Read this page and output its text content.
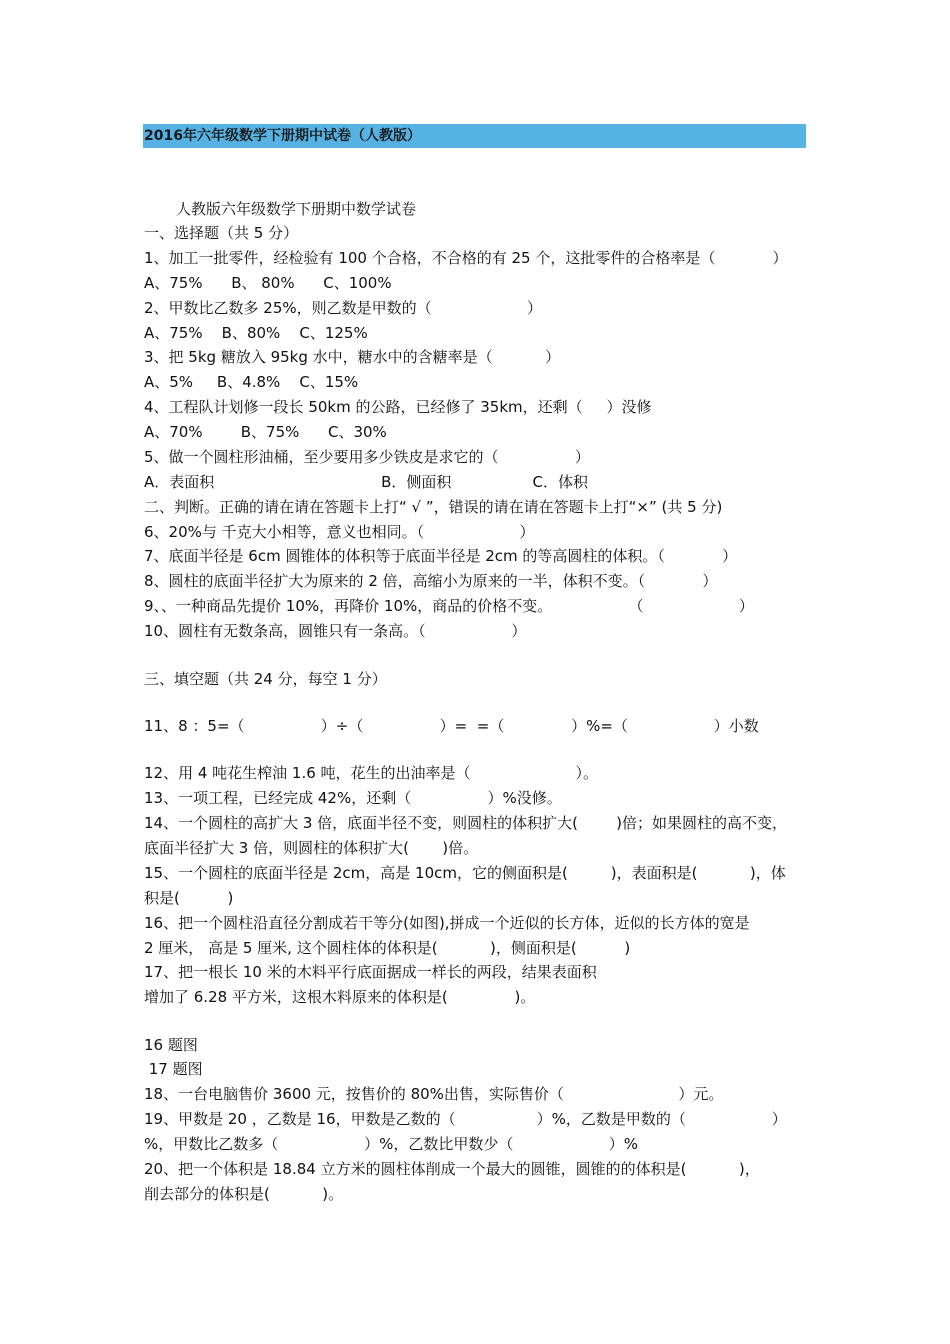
2016年六年级数学下册期中试卷（人教版）

人教版六年级数学下册期中数学试卷

一、选择题（共 5 分）

1、加工一批零件，经检验有 100 个合格，不合格的有 25 个，这批零件的合格率是（            ）

A、75%      B、 80%      C、100%

2、甲数比乙数多 25%，则乙数是甲数的（                    ）

A、75%    B、80%    C、125%

3、把 5kg 糖放入 95kg 水中，糖水中的含糖率是（           ）

A、5%     B、4.8%    C、15%

4、工程队计划修一段长 50km 的公路，已经修了 35km，还剩（     ）没修

A、70%        B、75%      C、30%

5、做一个圆柱形油桶，至少要用多少铁皮是求它的（                ）

A．表面积                                   B．侧面积                 C．体积

二、判断。正确的请在请在答题卡上打“ √ ”，错误的请在请在答题卡上打“×” (共 5 分)

6、20%与 千克大小相等，意义也相同。（                    ）

7、底面半径是 6cm 圆锥体的体积等于底面半径是 2cm 的等高圆柱的体积。（            ）

8、圆柱的底面半径扩大为原来的 2 倍，高缩小为原来的一半，体积不变。（            ）

9、、一种商品先提价 10%，再降价 10%，商品的价格不变。                （                    ）

10、圆柱有无数条高，圆锥只有一条高。（                  ）

三、填空题（共 24 分，每空 1 分）

11、8 ：5=（                ）÷（                ）=  =（              ）%=（                  ）小数

12、用 4 吨花生榨油 1.6 吨，花生的出油率是（                      ）。

13、一项工程，已经完成 42%，还剩（                ）%没修。

14、一个圆柱的高扩大 3 倍，底面半径不变，则圆柱的体积扩大(        )倍；如果圆柱的高不变，

底面半径扩大 3 倍，则圆柱的体积扩大(       )倍。

15、一个圆柱的底面半径是 2cm，高是 10cm，它的侧面积是(         )，表面积是(           )，体

积是(          )

16、把一个圆柱沿直径分割成若干等分(如图),拼成一个近似的长方体，近似的长方体的宽是

2 厘米， 高是 5 厘米, 这个圆柱体的体积是(           )，侧面积是(          )

17、把一根长 10 米的木料平行底面据成一样长的两段，结果表面积

增加了 6.28 平方米，这根木料原来的体积是(              )。

16 题图

17 题图

18、一台电脑售价 3600 元，按售价的 80%出售，实际售价（                        ）元。

19、甲数是 20 ，乙数是 16，甲数是乙数的（                 ）%，乙数是甲数的（                  ）

%，甲数比乙数多（                  ）%，乙数比甲数少（                    ）%

20、把一个体积是 18.84 立方米的圆柱体削成一个最大的圆锥，圆锥的的体积是(           )，

削去部分的体积是(           )。
